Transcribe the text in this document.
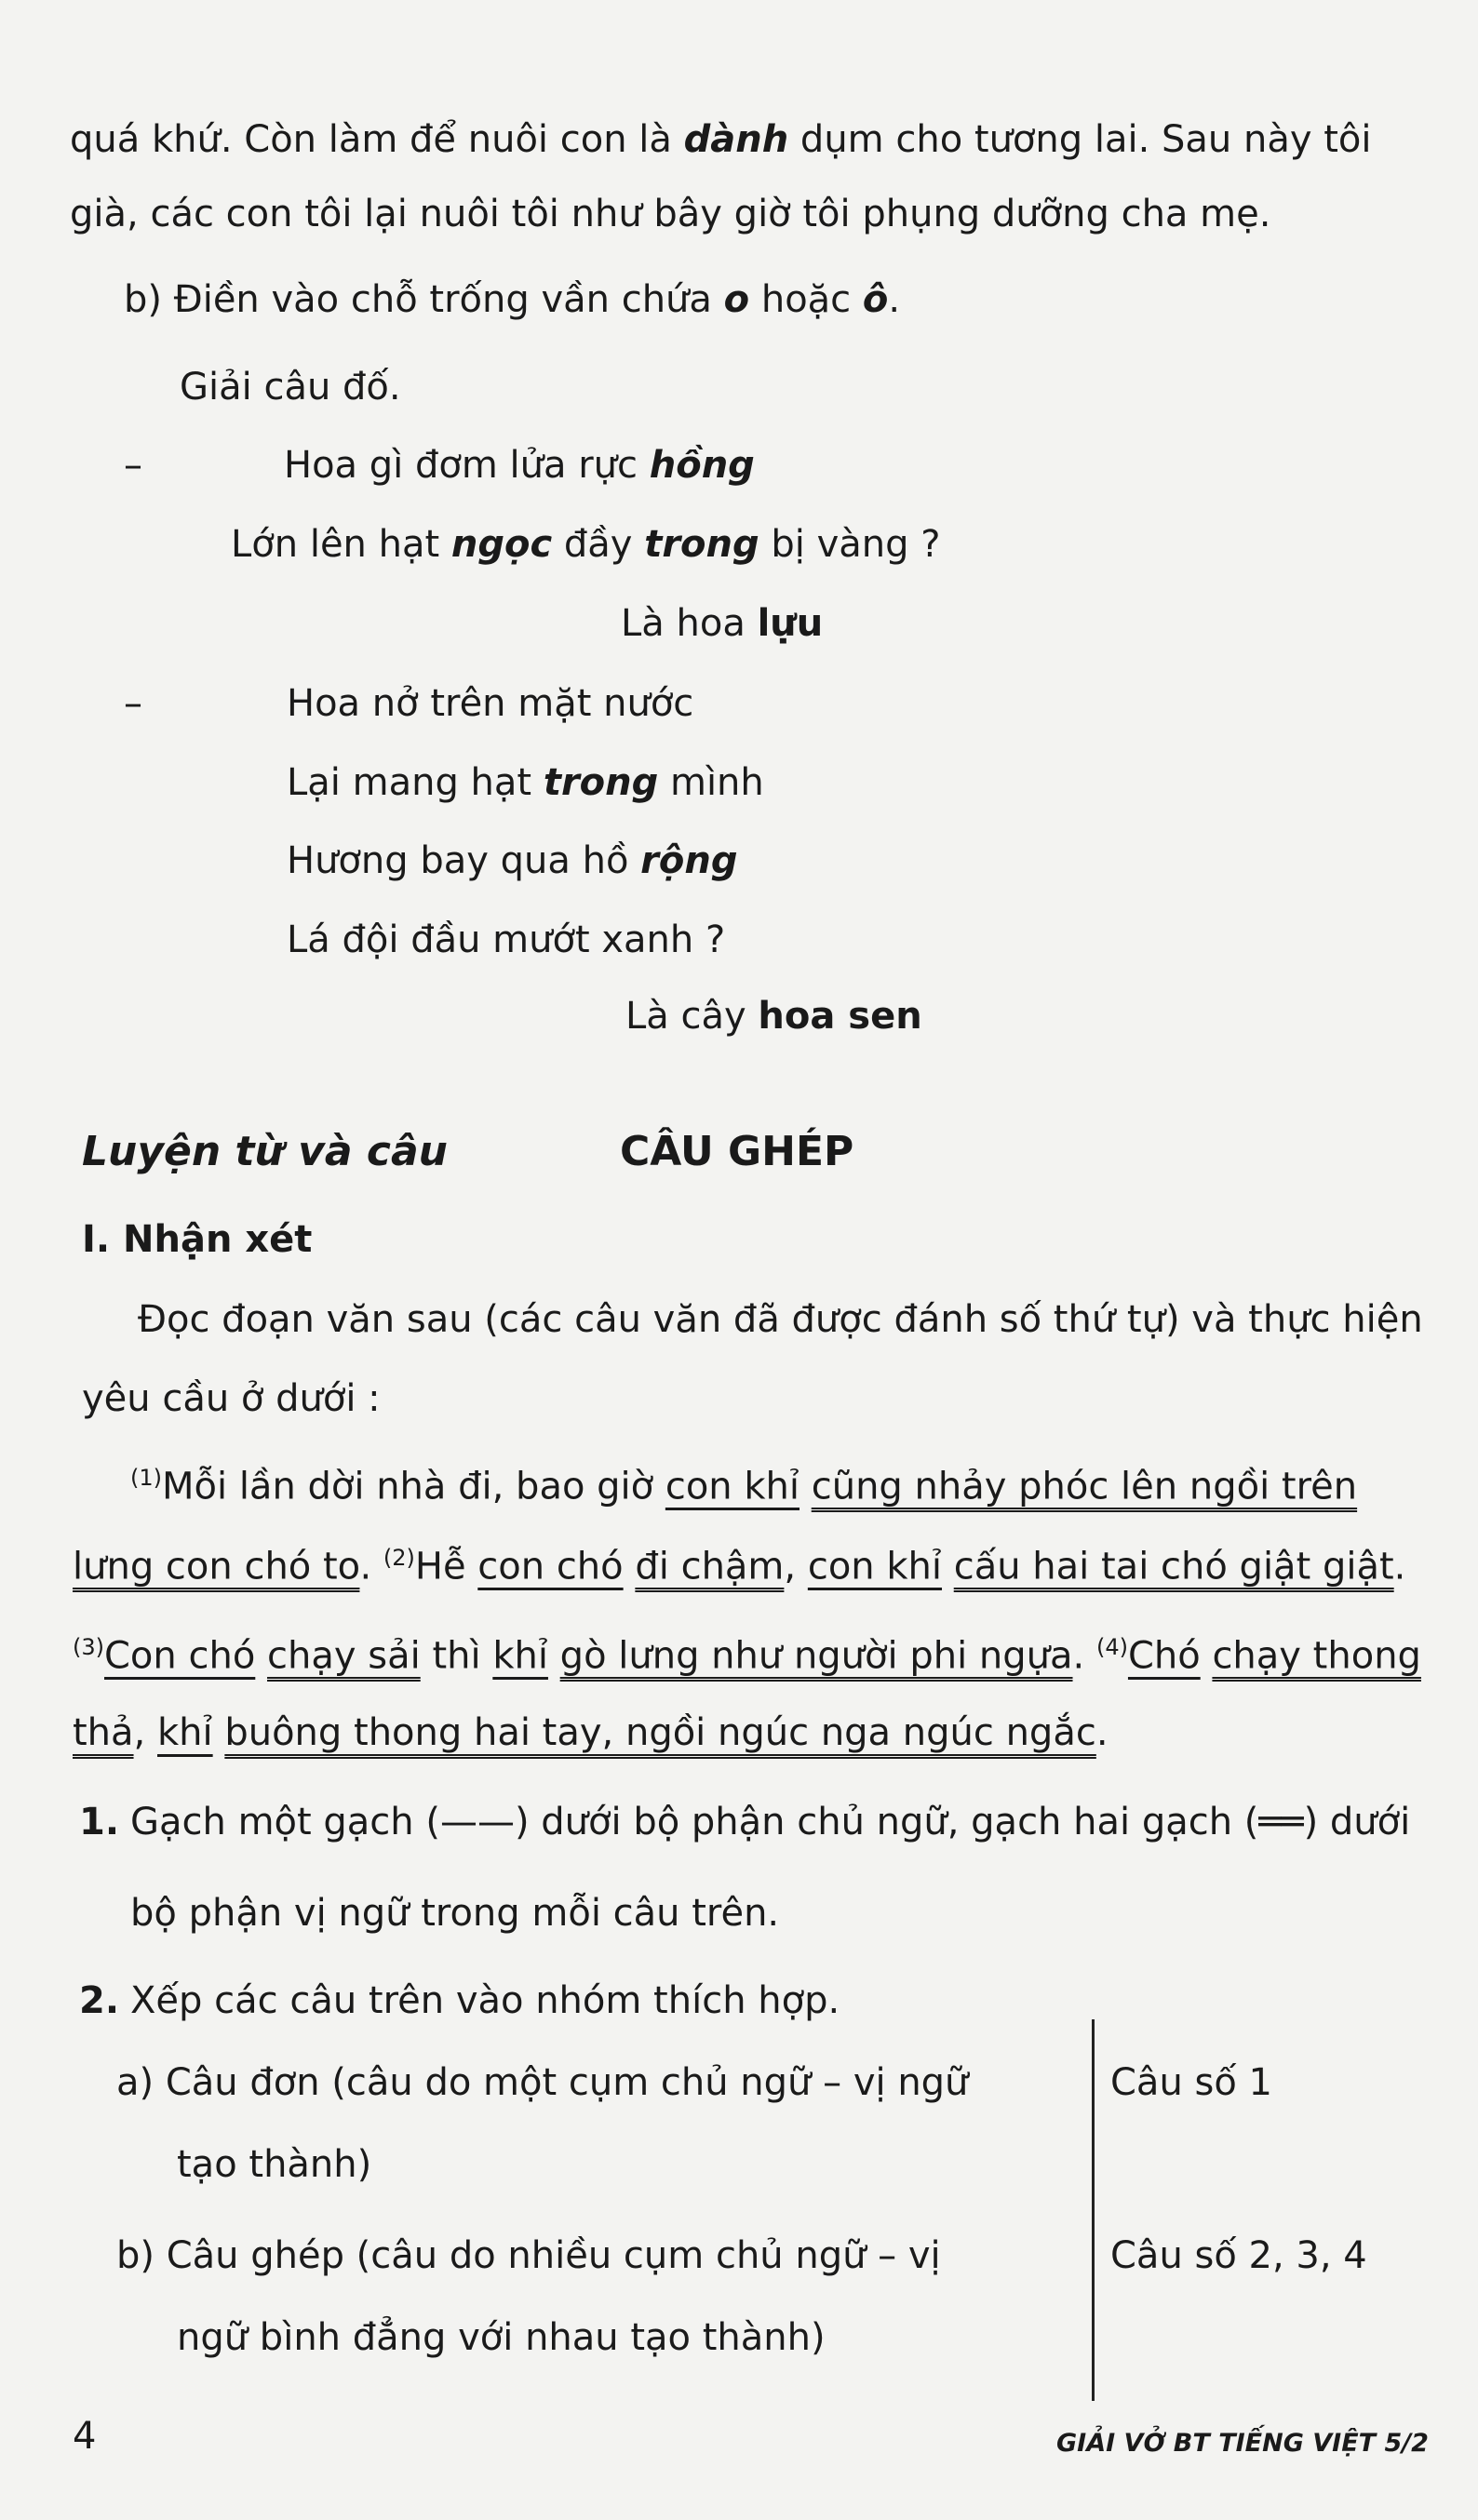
quá khứ. Còn làm để nuôi con là dành dụm cho tương lai. Sau này tôi
già, các con tôi lại nuôi tôi như bây giờ tôi phụng dưỡng cha mẹ.
b) Điền vào chỗ trống vần chứa o hoặc ô.
Giải câu đố.
–	Hoa gì đơm lửa rực hồng
Lớn lên hạt ngọc đầy trong bị vàng ?
Là hoa lựu
–	Hoa nở trên mặt nước
Lại mang hạt trong mình
Hương bay qua hồ rộng
Lá đội đầu mướt xanh ?
Là cây hoa sen
Luyện từ và câu	CÂU GHÉP
I. Nhận xét
Đọc đoạn văn sau (các câu văn đã được đánh số thứ tự) và thực hiện
yêu cầu ở dưới :
$^{(1)}$Mỗi lần dời nhà đi, bao giờ con khỉ cũng nhảy phóc lên ngồi trên
lưng con chó to. $^{(2)}$Hễ con chó đi chậm, con khỉ cấu hai tai chó giật giật.
$^{(3)}$Con chó chạy sải thì khỉ gò lưng như người phi ngựa. $^{(4)}$Chó chạy thong
thả, khỉ buông thong hai tay, ngồi ngúc nga ngúc ngắc.
1. Gạch một gạch (——) dưới bộ phận chủ ngữ, gạch hai gạch (══) dưới
bộ phận vị ngữ trong mỗi câu trên.
2. Xếp các câu trên vào nhóm thích hợp.
a) Câu đơn (câu do một cụm chủ ngữ – vị ngữ
tạo thành)
Câu số 1
b) Câu ghép (câu do nhiều cụm chủ ngữ – vị
ngữ bình đẳng với nhau tạo thành)
Câu số 2, 3, 4
4	GIẢI VỞ BT TIẾNG VIỆT 5/2
